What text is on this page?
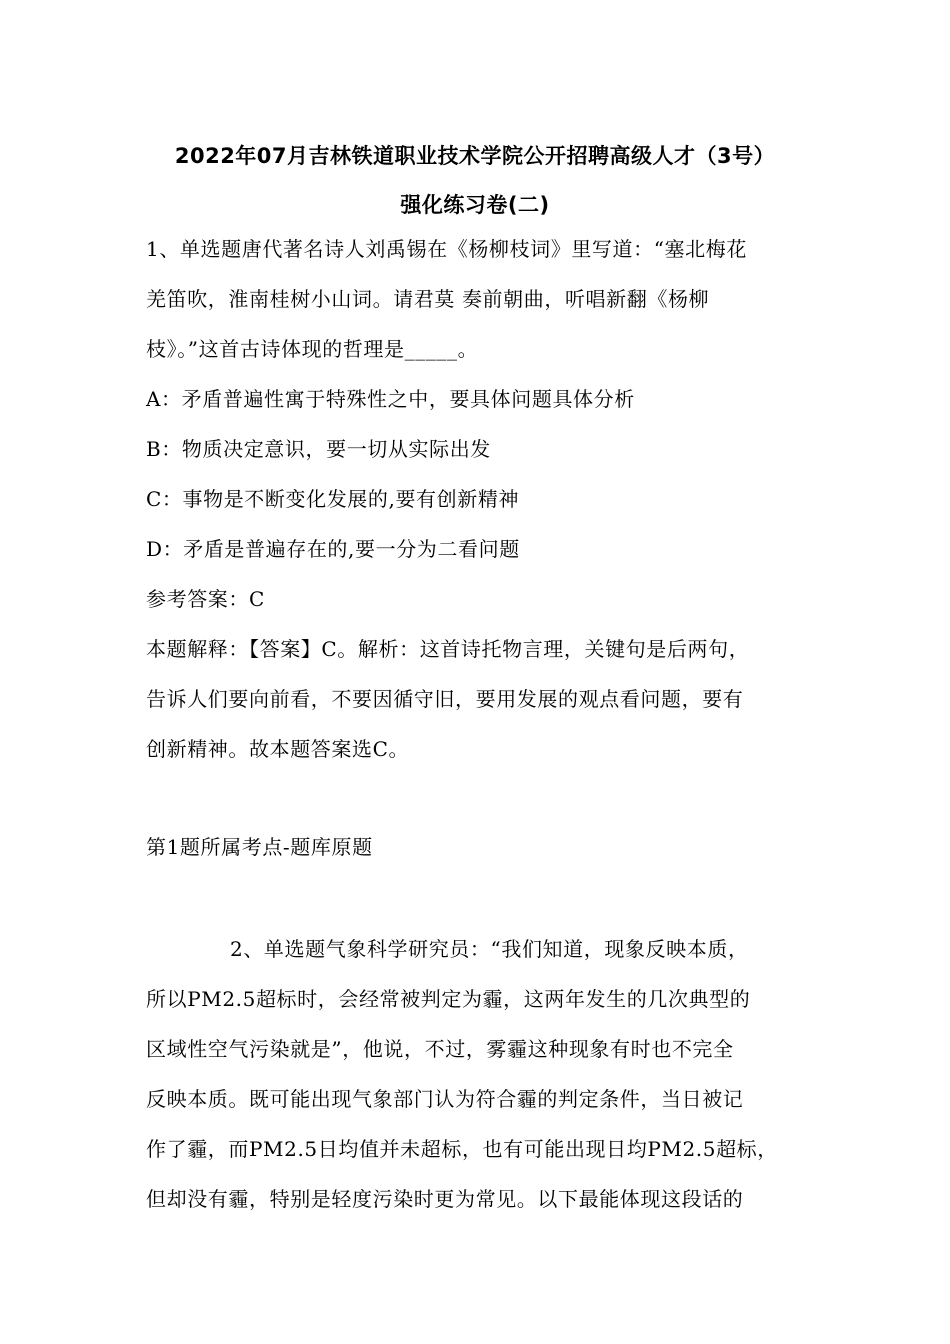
2022年07月吉林铁道职业技术学院公开招聘高级人才（3号）
强化练习卷(二)
1、单选题唐代著名诗人刘禹锡在《杨柳枝词》里写道：“塞北梅花
羌笛吹，淮南桂树小山词。请君莫 奏前朝曲，听唱新翻《杨柳
枝》。”这首古诗体现的哲理是_____。
A：矛盾普遍性寓于特殊性之中，要具体问题具体分析
B：物质决定意识，要一切从实际出发
C：事物是不断变化发展的,要有创新精神
D：矛盾是普遍存在的,要一分为二看问题
参考答案：C
本题解释：【答案】C。解析：这首诗托物言理，关键句是后两句，
告诉人们要向前看，不要因循守旧，要用发展的观点看问题，要有
创新精神。故本题答案选C。
第1题所属考点-题库原题
2、单选题气象科学研究员：“我们知道，现象反映本质，
所以PM2.5超标时，会经常被判定为霾，这两年发生的几次典型的
区域性空气污染就是”，他说，不过，雾霾这种现象有时也不完全
反映本质。既可能出现气象部门认为符合霾的判定条件，当日被记
作了霾，而PM2.5日均值并未超标，也有可能出现日均PM2.5超标，
但却没有霾，特别是轻度污染时更为常见。以下最能体现这段话的
